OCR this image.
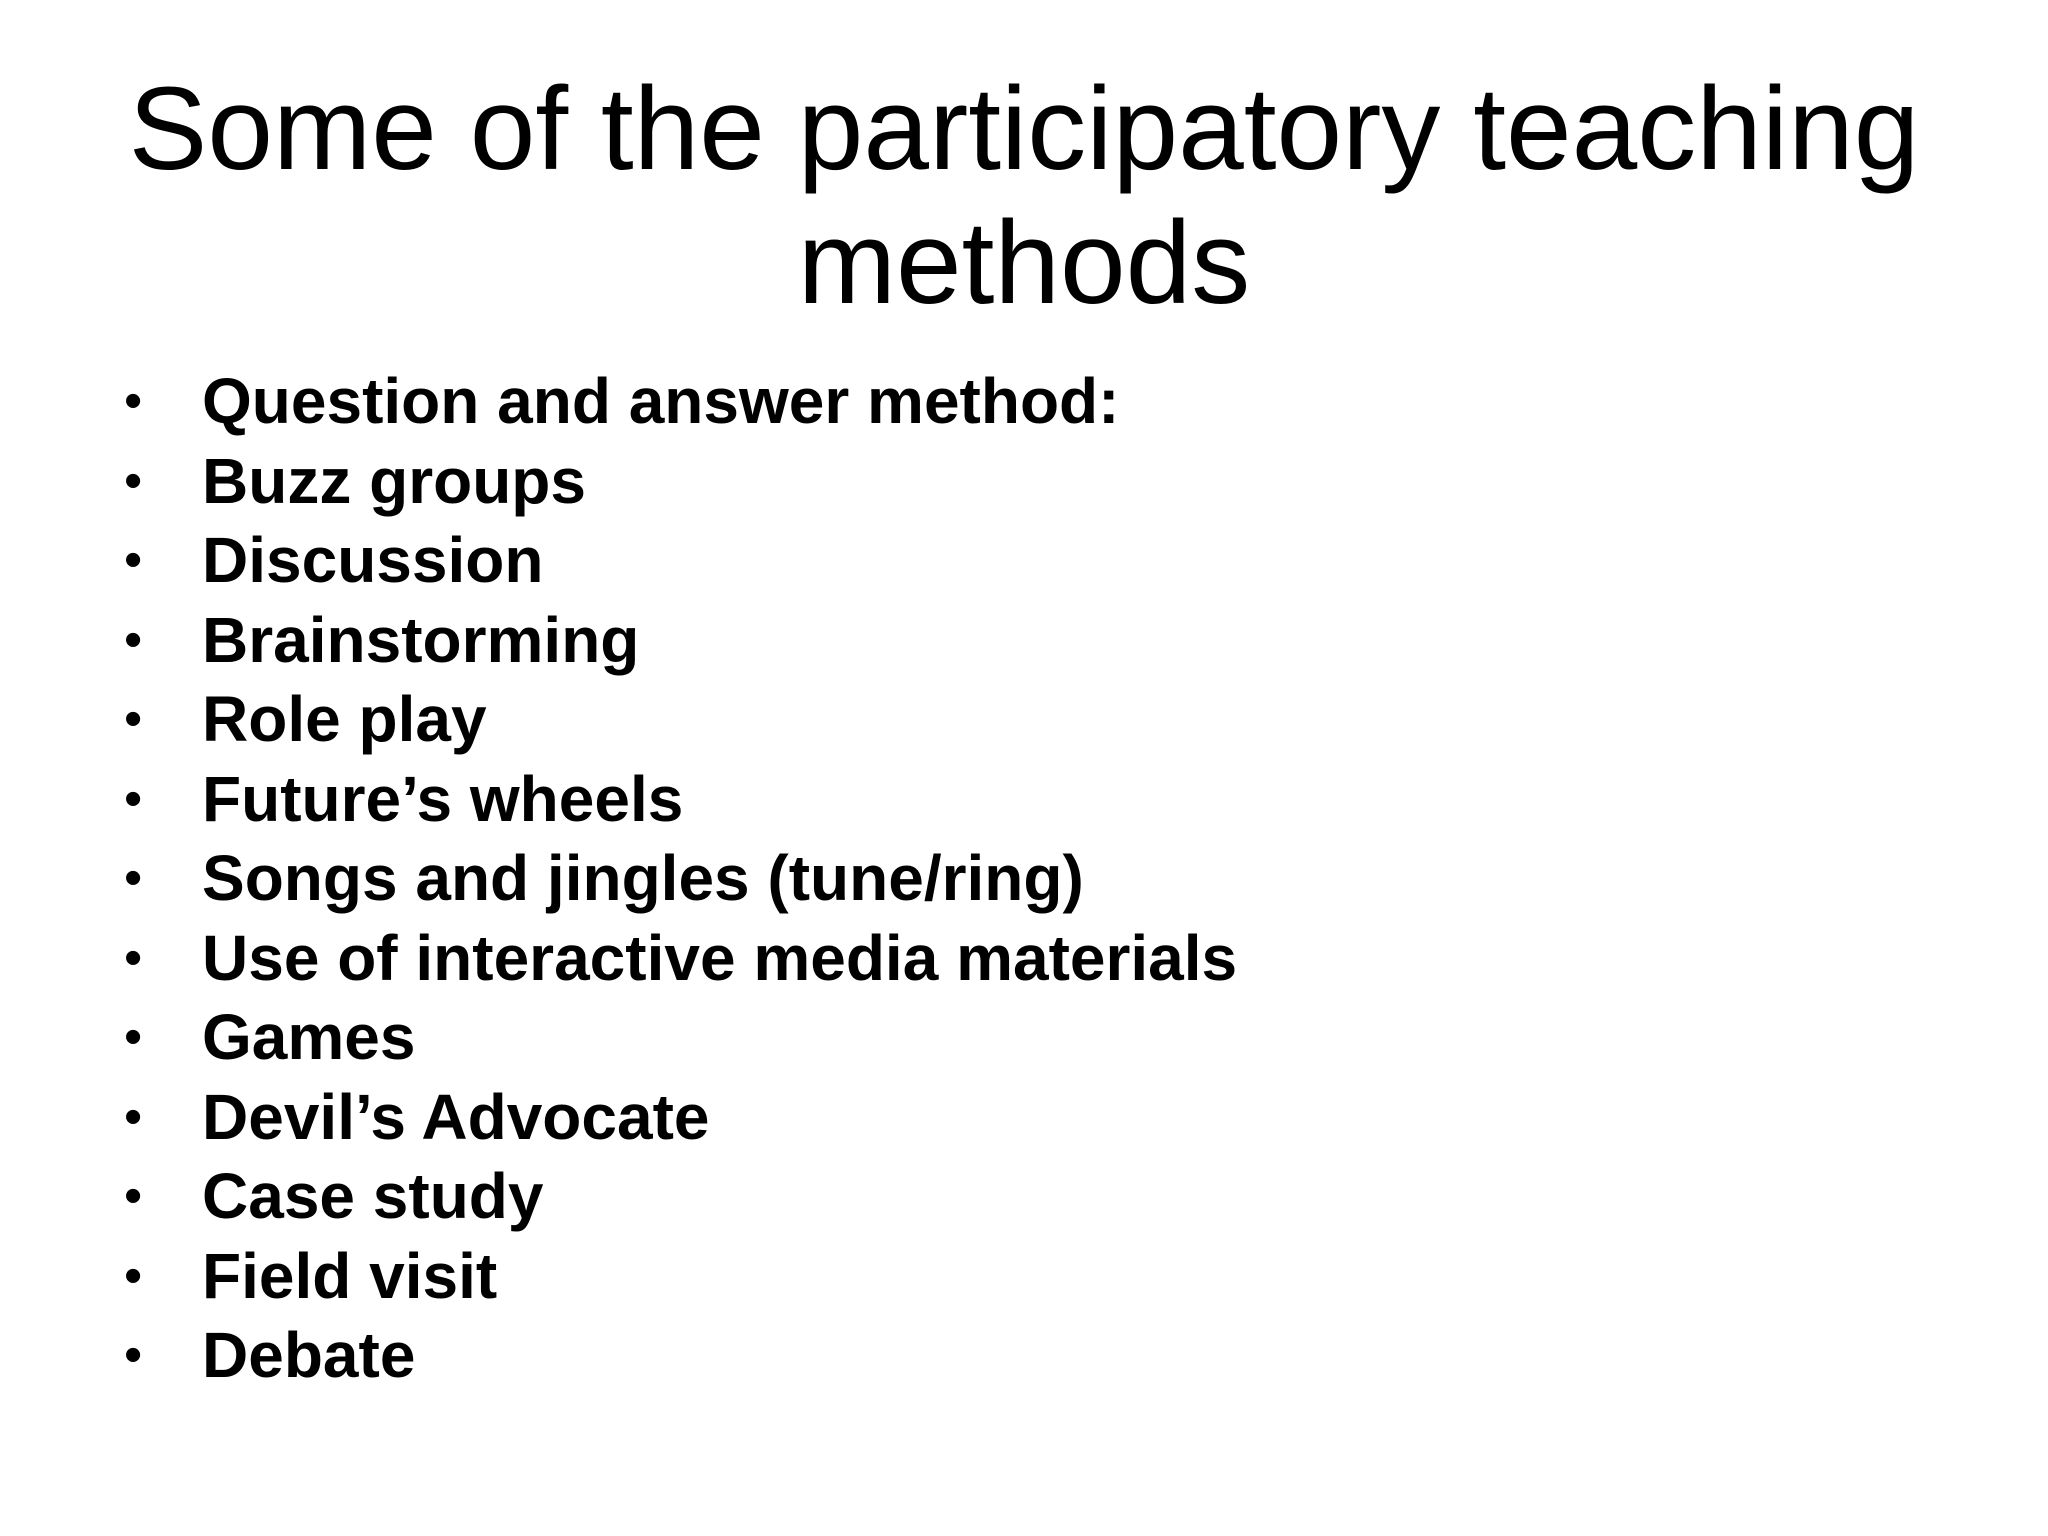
Some of the participatory teaching methods
• Question and answer method:
• Buzz groups
• Discussion
• Brainstorming
• Role play
• Future’s wheels
• Songs and jingles (tune/ring)
• Use of interactive media materials
• Games
• Devil’s Advocate
• Case study
• Field visit
• Debate
